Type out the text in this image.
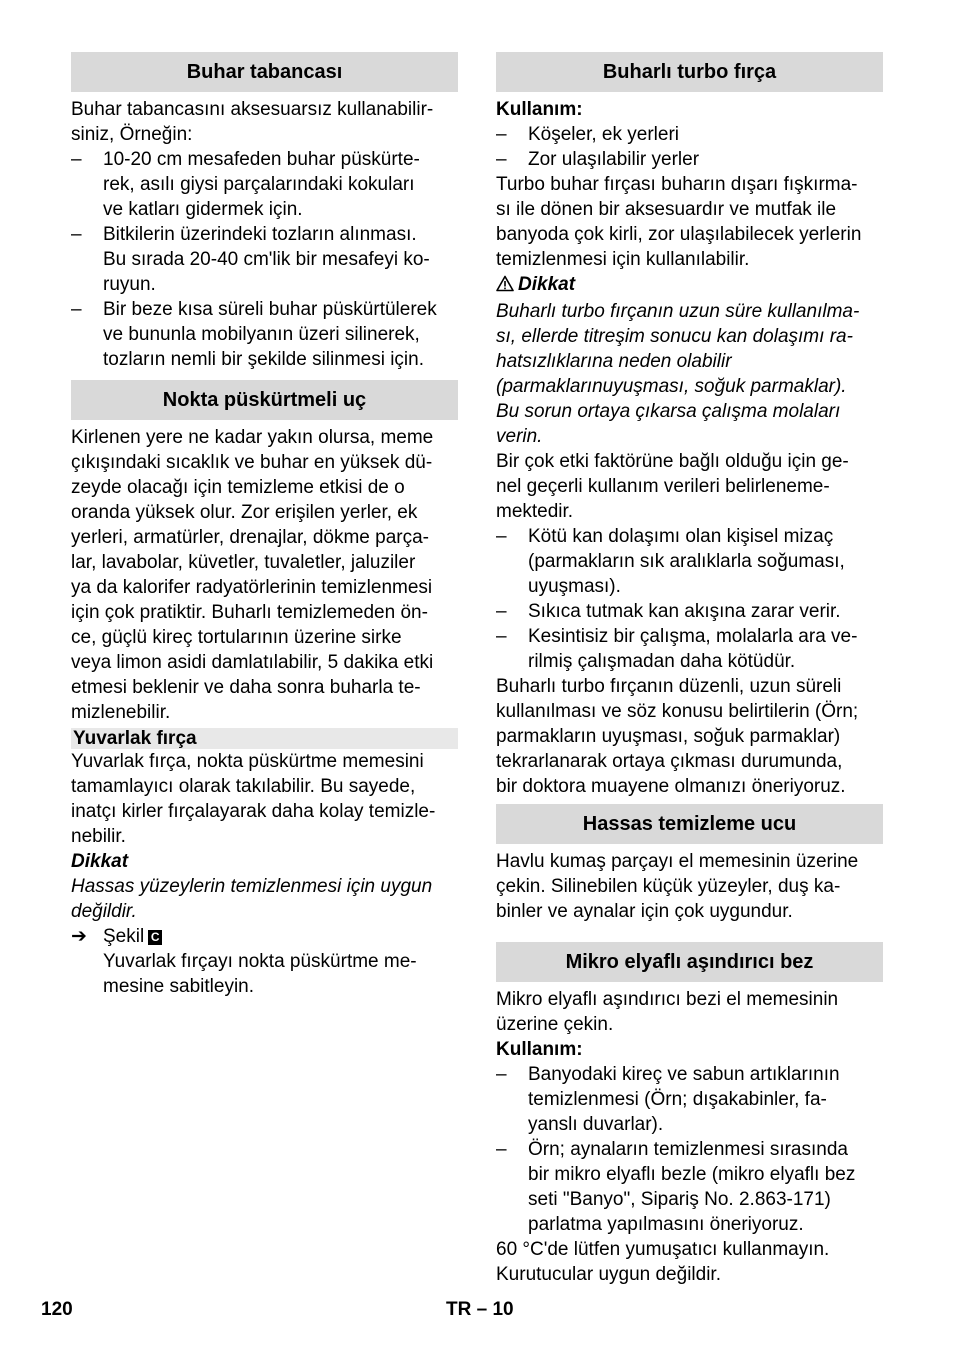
Buhar tabancası

Buhar tabancasını aksesuarsız kullanabilir-

siniz, Örneğin:

–
10-20 cm mesafeden buhar püskürte-
rek, asılı giysi parçalarındaki kokuları
ve katları gidermek için.
–
Bitkilerin üzerindeki tozların alınması.
Bu sırada 20-40 cm'lik bir mesafeyi ko-
ruyun.
–
Bir beze kısa süreli buhar püskürtülerek
ve bununla mobilyanın üzeri silinerek,
tozların nemli bir şekilde silinmesi için.
Nokta püskürtmeli uç

Kirlenen yere ne kadar yakın olursa, meme

çıkışındaki sıcaklık ve buhar en yüksek dü-

zeyde olacağı için temizleme etkisi de o

oranda yüksek olur. Zor erişilen yerler, ek

yerleri, armatürler, drenajlar, dökme parça-

lar, lavabolar, küvetler, tuvaletler, jaluziler

ya da kalorifer radyatörlerinin temizlenmesi

için çok pratiktir. Buharlı temizlemeden ön-

ce, güçlü kireç tortularının üzerine sirke

veya limon asidi damlatılabilir, 5 dakika etki

etmesi beklenir ve daha sonra buharla te-

mizlenebilir.

Yuvarlak fırça

Yuvarlak fırça, nokta püskürtme memesini

tamamlayıcı olarak takılabilir. Bu sayede,

inatçı kirler fırçalayarak daha kolay temizle-

nebilir.

Dikkat

Hassas yüzeylerin temizlenmesi için uygun

değildir.

➔ Şekil C

Yuvarlak fırçayı nokta püskürtme me-

mesine sabitleyin.

Buharlı turbo fırça

Kullanım:

–
Köşeler, ek yerleri
–
Zor ulaşılabilir yerler

Turbo buhar fırçası buharın dışarı fışkırma-

sı ile dönen bir aksesuardır ve mutfak ile

banyoda çok kirli, zor ulaşılabilecek yerlerin

temizlenmesi için kullanılabilir.

Dikkat

Buharlı turbo fırçanın uzun süre kullanılma-

sı, ellerde titreşim sonucu kan dolaşımı ra-

hatsızlıklarına neden olabilir

(parmaklarınuyuşması, soğuk parmaklar).

Bu sorun ortaya çıkarsa çalışma molaları

verin.

Bir çok etki faktörüne bağlı olduğu için ge-

nel geçerli kullanım verileri belirleneme-

mektedir.

–
Kötü kan dolaşımı olan kişisel mizaç
(parmakların sık aralıklarla soğuması,
uyuşması).
–
Sıkıca tutmak kan akışına zarar verir.
–
Kesintisiz bir çalışma, molalarla ara ve-
rilmiş çalışmadan daha kötüdür.

Buharlı turbo fırçanın düzenli, uzun süreli

kullanılması ve söz konusu belirtilerin (Örn;

parmakların uyuşması, soğuk parmaklar)

tekrarlanarak ortaya çıkması durumunda,

bir doktora muayene olmanızı öneriyoruz.

Hassas temizleme ucu

Havlu kumaş parçayı el memesinin üzerine

çekin. Silinebilen küçük yüzeyler, duş ka-

binler ve aynalar için çok uygundur.

Mikro elyaflı aşındırıcı bez

Mikro elyaflı aşındırıcı bezi el memesinin

üzerine çekin.

Kullanım:

–
Banyodaki kireç ve sabun artıklarının
temizlenmesi (Örn; dışakabinler, fa-
yanslı duvarlar).
–
Örn; aynaların temizlenmesi sırasında
bir mikro elyaflı bezle (mikro elyaflı bez
seti "Banyo", Sipariş No. 2.863-171)
parlatma yapılmasını öneriyoruz.

60 °C'de lütfen yumuşatıcı kullanmayın.

Kurutucular uygun değildir.

120	TR – 10
